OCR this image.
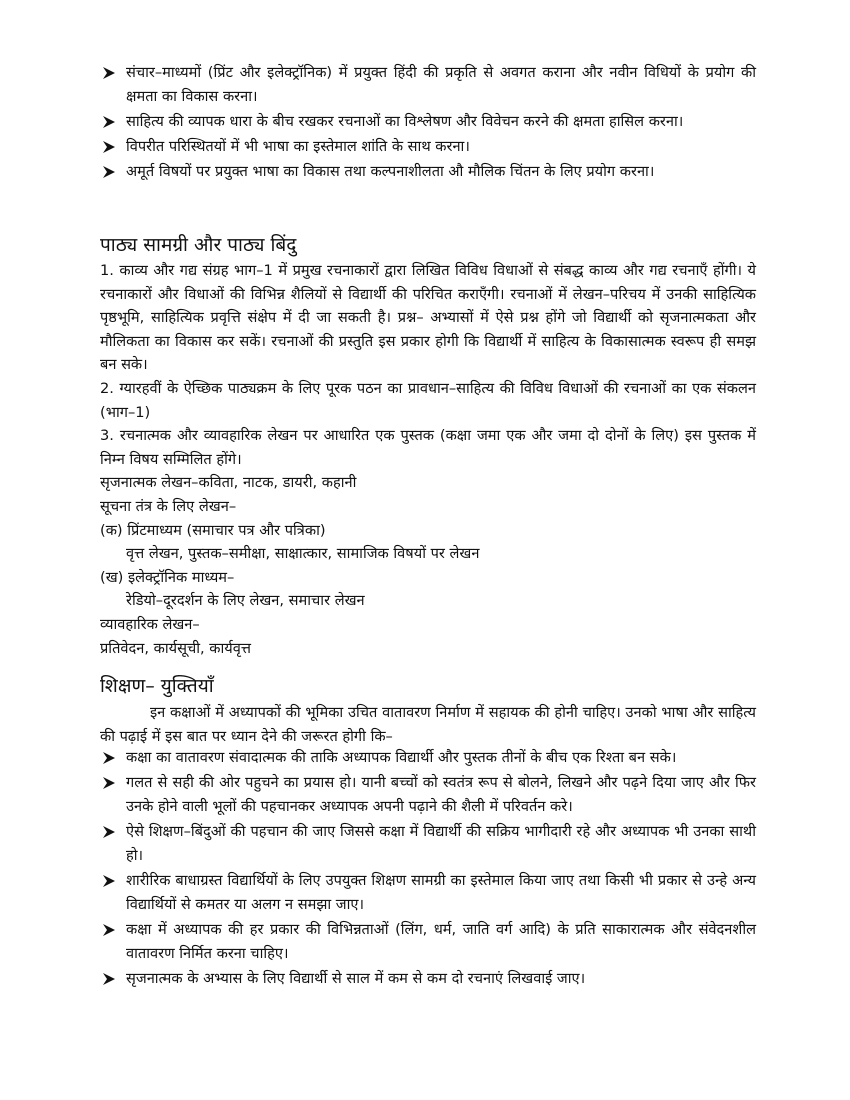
संचार–माध्यमों (प्रिंट और इलेक्ट्रॉनिक) में प्रयुक्त हिंदी की प्रकृति से अवगत कराना और नवीन विधियों के प्रयोग की क्षमता का विकास करना।
साहित्य की व्यापक धारा के बीच रखकर रचनाओं का विश्लेषण और विवेचन करने की क्षमता हासिल करना।
विपरीत परिस्थितयों में भी भाषा का इस्तेमाल शांति के साथ करना।
अमूर्त विषयों पर प्रयुक्त भाषा का विकास तथा कल्पनाशीलता औ मौलिक चिंतन के लिए प्रयोग करना।
पाठ्य सामग्री और पाठ्य बिंदु

1. काव्य और गद्य संग्रह भाग–1 में प्रमुख रचनाकारों द्वारा लिखित विविध विधाओं से संबद्ध काव्य और गद्य रचनाएँ होंगी। ये रचनाकारों और विधाओं की विभिन्न शैलियों से विद्यार्थी की परिचित कराएँगी। रचनाओं में लेखन–परिचय में उनकी साहित्यिक पृष्ठभूमि, साहित्यिक प्रवृत्ति संक्षेप में दी जा सकती है। प्रश्न– अभ्यासों में ऐसे प्रश्न होंगे जो विद्यार्थी को सृजनात्मकता और मौलिकता का विकास कर सकें। रचनाओं की प्रस्तुति इस प्रकार होगी कि विद्यार्थी में साहित्य के विकासात्मक स्वरूप ही समझ बन सके।

2. ग्यारहवीं के ऐच्छिक पाठ्यक्रम के लिए पूरक पठन का प्रावधान–साहित्य की विविध विधाओं की रचनाओं का एक संकलन (भाग–1)

3. रचनात्मक और व्यावहारिक लेखन पर आधारित एक पुस्तक (कक्षा जमा एक और जमा दो दोनों के लिए) इस पुस्तक में निम्न विषय सम्मिलित होंगे।

सृजनात्मक लेखन–कविता, नाटक, डायरी, कहानी

सूचना तंत्र के लिए लेखन–

(क) प्रिंटमाध्यम (समाचार पत्र और पत्रिका)

वृत्त लेखन, पुस्तक–समीक्षा, साक्षात्कार, सामाजिक विषयों पर लेखन

(ख) इलेक्ट्रॉनिक माध्यम–

रेडियो–दूरदर्शन के लिए लेखन, समाचार लेखन

व्यावहारिक लेखन–

प्रतिवेदन, कार्यसूची, कार्यवृत्त

शिक्षण– युक्तियाँ

इन कक्षाओं में अध्यापकों की भूमिका उचित वातावरण निर्माण में सहायक की होनी चाहिए। उनको भाषा और साहित्य की पढ़ाई में इस बात पर ध्यान देने की जरूरत होगी कि–

कक्षा का वातावरण संवादात्मक की ताकि अध्यापक विद्यार्थी और पुस्तक तीनों के बीच एक रिश्ता बन सके।
गलत से सही की ओर पहुचने का प्रयास हो। यानी बच्चों को स्वतंत्र रूप से बोलने, लिखने और पढ़ने दिया जाए और फिर उनके होने वाली भूलों की पहचानकर अध्यापक अपनी पढ़ाने की शैली में परिवर्तन करे।
ऐसे शिक्षण–बिंदुओं की पहचान की जाए जिससे कक्षा में विद्यार्थी की सक्रिय भागीदारी रहे और अध्यापक भी उनका साथी हो।
शारीरिक बाधाग्रस्त विद्यार्थियों के लिए उपयुक्त शिक्षण सामग्री का इस्तेमाल किया जाए तथा किसी भी प्रकार से उन्हे अन्य विद्यार्थियों से कमतर या अलग न समझा जाए।
कक्षा में अध्यापक की हर प्रकार की विभिन्नताओं (लिंग, धर्म, जाति वर्ग आदि) के प्रति साकारात्मक और संवेदनशील वातावरण निर्मित करना चाहिए।
सृजनात्मक के अभ्यास के लिए विद्यार्थी से साल में कम से कम दो रचनाएं लिखवाई जाए।
